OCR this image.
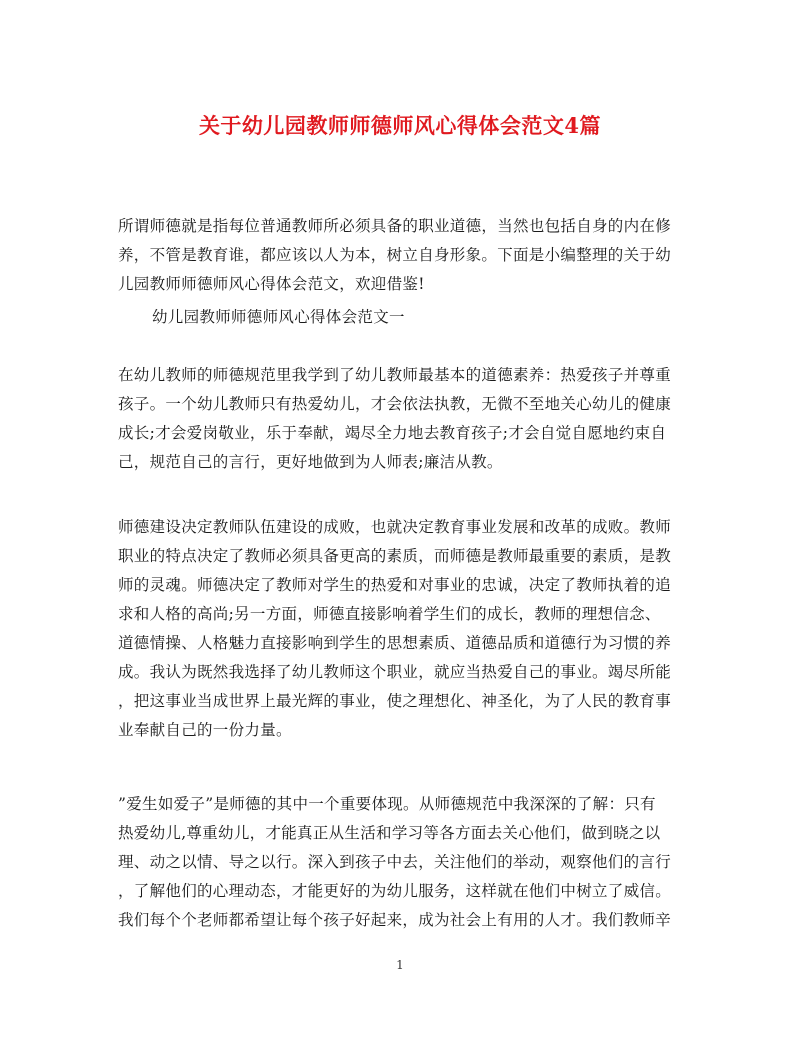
关于幼儿园教师师德师风心得体会范文4篇
所谓师德就是指每位普通教师所必须具备的职业道德，当然也包括自身的内在修
养，不管是教育谁，都应该以人为本，树立自身形象。下面是小编整理的关于幼
儿园教师师德师风心得体会范文，欢迎借鉴!
幼儿园教师师德师风心得体会范文一
在幼儿教师的师德规范里我学到了幼儿教师最基本的道德素养：热爱孩子并尊重
孩子。一个幼儿教师只有热爱幼儿，才会依法执教，无微不至地关心幼儿的健康
成长;才会爱岗敬业，乐于奉献，竭尽全力地去教育孩子;才会自觉自愿地约束自
己，规范自己的言行，更好地做到为人师表;廉洁从教。
师德建设决定教师队伍建设的成败，也就决定教育事业发展和改革的成败。教师
职业的特点决定了教师必须具备更高的素质，而师德是教师最重要的素质，是教
师的灵魂。师德决定了教师对学生的热爱和对事业的忠诚，决定了教师执着的追
求和人格的高尚;另一方面，师德直接影响着学生们的成长，教师的理想信念、
道德情操、人格魅力直接影响到学生的思想素质、道德品质和道德行为习惯的养
成。我认为既然我选择了幼儿教师这个职业，就应当热爱自己的事业。竭尽所能
，把这事业当成世界上最光辉的事业，使之理想化、神圣化，为了人民的教育事
业奉献自己的一份力量。
”爱生如爱子”是师德的其中一个重要体现。从师德规范中我深深的了解：只有
热爱幼儿,尊重幼儿，才能真正从生活和学习等各方面去关心他们，做到晓之以
理、动之以情、导之以行。深入到孩子中去，关注他们的举动，观察他们的言行
，了解他们的心理动态，才能更好的为幼儿服务，这样就在他们中树立了威信。
我们每个个老师都希望让每个孩子好起来，成为社会上有用的人才。我们教师辛
1
